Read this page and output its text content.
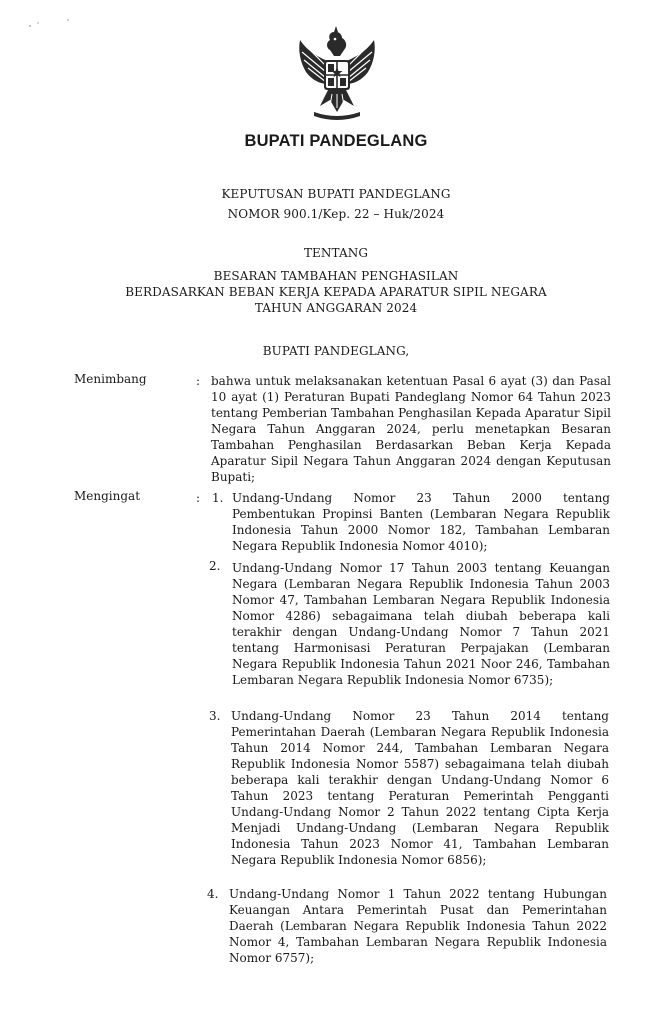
BUPATI PANDEGLANG
KEPUTUSAN BUPATI PANDEGLANG
NOMOR 900.1/Kep. 22 – Huk/2024
TENTANG
BESARAN TAMBAHAN PENGHASILAN
BERDASARKAN BEBAN KERJA KEPADA APARATUR SIPIL NEGARA
TAHUN ANGGARAN 2024
BUPATI PANDEGLANG,
Menimbang	: bahwa untuk melaksanakan ketentuan Pasal 6 ayat (3) dan Pasal 10 ayat (1) Peraturan Bupati Pandeglang Nomor 64 Tahun 2023 tentang Pemberian Tambahan Penghasilan Kepada Aparatur Sipil Negara Tahun Anggaran 2024, perlu menetapkan Besaran Tambahan Penghasilan Berdasarkan Beban Kerja Kepada Aparatur Sipil Negara Tahun Anggaran 2024 dengan Keputusan Bupati;
Mengingat	: 1. Undang-Undang Nomor 23 Tahun 2000 tentang Pembentukan Propinsi Banten (Lembaran Negara Republik Indonesia Tahun 2000 Nomor 182, Tambahan Lembaran Negara Republik Indonesia Nomor 4010);
2. Undang-Undang Nomor 17 Tahun 2003 tentang Keuangan Negara (Lembaran Negara Republik Indonesia Tahun 2003 Nomor 47, Tambahan Lembaran Negara Republik Indonesia Nomor 4286) sebagaimana telah diubah beberapa kali terakhir dengan Undang-Undang Nomor 7 Tahun 2021 tentang Harmonisasi Peraturan Perpajakan (Lembaran Negara Republik Indonesia Tahun 2021 Noor 246, Tambahan Lembaran Negara Republik Indonesia Nomor 6735);
3. Undang-Undang Nomor 23 Tahun 2014 tentang Pemerintahan Daerah (Lembaran Negara Republik Indonesia Tahun 2014 Nomor 244, Tambahan Lembaran Negara Republik Indonesia Nomor 5587) sebagaimana telah diubah beberapa kali terakhir dengan Undang-Undang Nomor 6 Tahun 2023 tentang Peraturan Pemerintah Pengganti Undang-Undang Nomor 2 Tahun 2022 tentang Cipta Kerja Menjadi Undang-Undang (Lembaran Negara Republik Indonesia Tahun 2023 Nomor 41, Tambahan Lembaran Negara Republik Indonesia Nomor 6856);
4. Undang-Undang Nomor 1 Tahun 2022 tentang Hubungan Keuangan Antara Pemerintah Pusat dan Pemerintahan Daerah (Lembaran Negara Republik Indonesia Tahun 2022 Nomor 4, Tambahan Lembaran Negara Republik Indonesia Nomor 6757);
